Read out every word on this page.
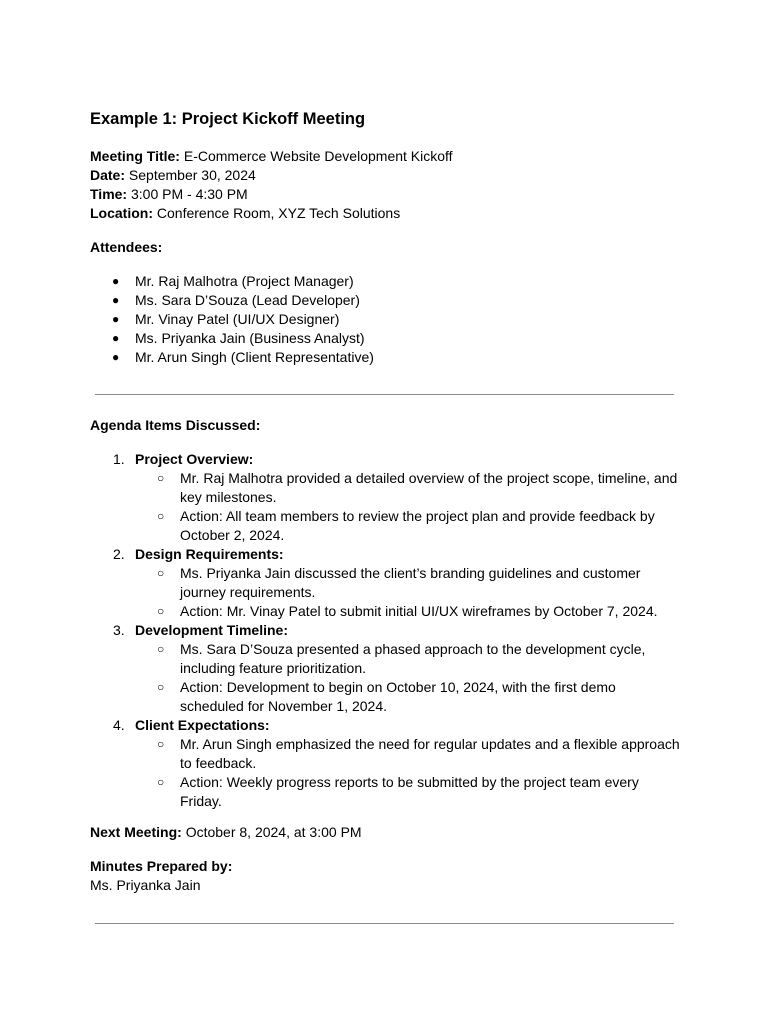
Example 1: Project Kickoff Meeting
Meeting Title: E-Commerce Website Development Kickoff
Date: September 30, 2024
Time: 3:00 PM - 4:30 PM
Location: Conference Room, XYZ Tech Solutions
Attendees:
● Mr. Raj Malhotra (Project Manager)
● Ms. Sara D’Souza (Lead Developer)
● Mr. Vinay Patel (UI/UX Designer)
● Ms. Priyanka Jain (Business Analyst)
● Mr. Arun Singh (Client Representative)
Agenda Items Discussed:
1. Project Overview:
○ Mr. Raj Malhotra provided a detailed overview of the project scope, timeline, and key milestones.
○ Action: All team members to review the project plan and provide feedback by October 2, 2024.
2. Design Requirements:
○ Ms. Priyanka Jain discussed the client’s branding guidelines and customer journey requirements.
○ Action: Mr. Vinay Patel to submit initial UI/UX wireframes by October 7, 2024.
3. Development Timeline:
○ Ms. Sara D’Souza presented a phased approach to the development cycle, including feature prioritization.
○ Action: Development to begin on October 10, 2024, with the first demo scheduled for November 1, 2024.
4. Client Expectations:
○ Mr. Arun Singh emphasized the need for regular updates and a flexible approach to feedback.
○ Action: Weekly progress reports to be submitted by the project team every Friday.
Next Meeting: October 8, 2024, at 3:00 PM
Minutes Prepared by:
Ms. Priyanka Jain
